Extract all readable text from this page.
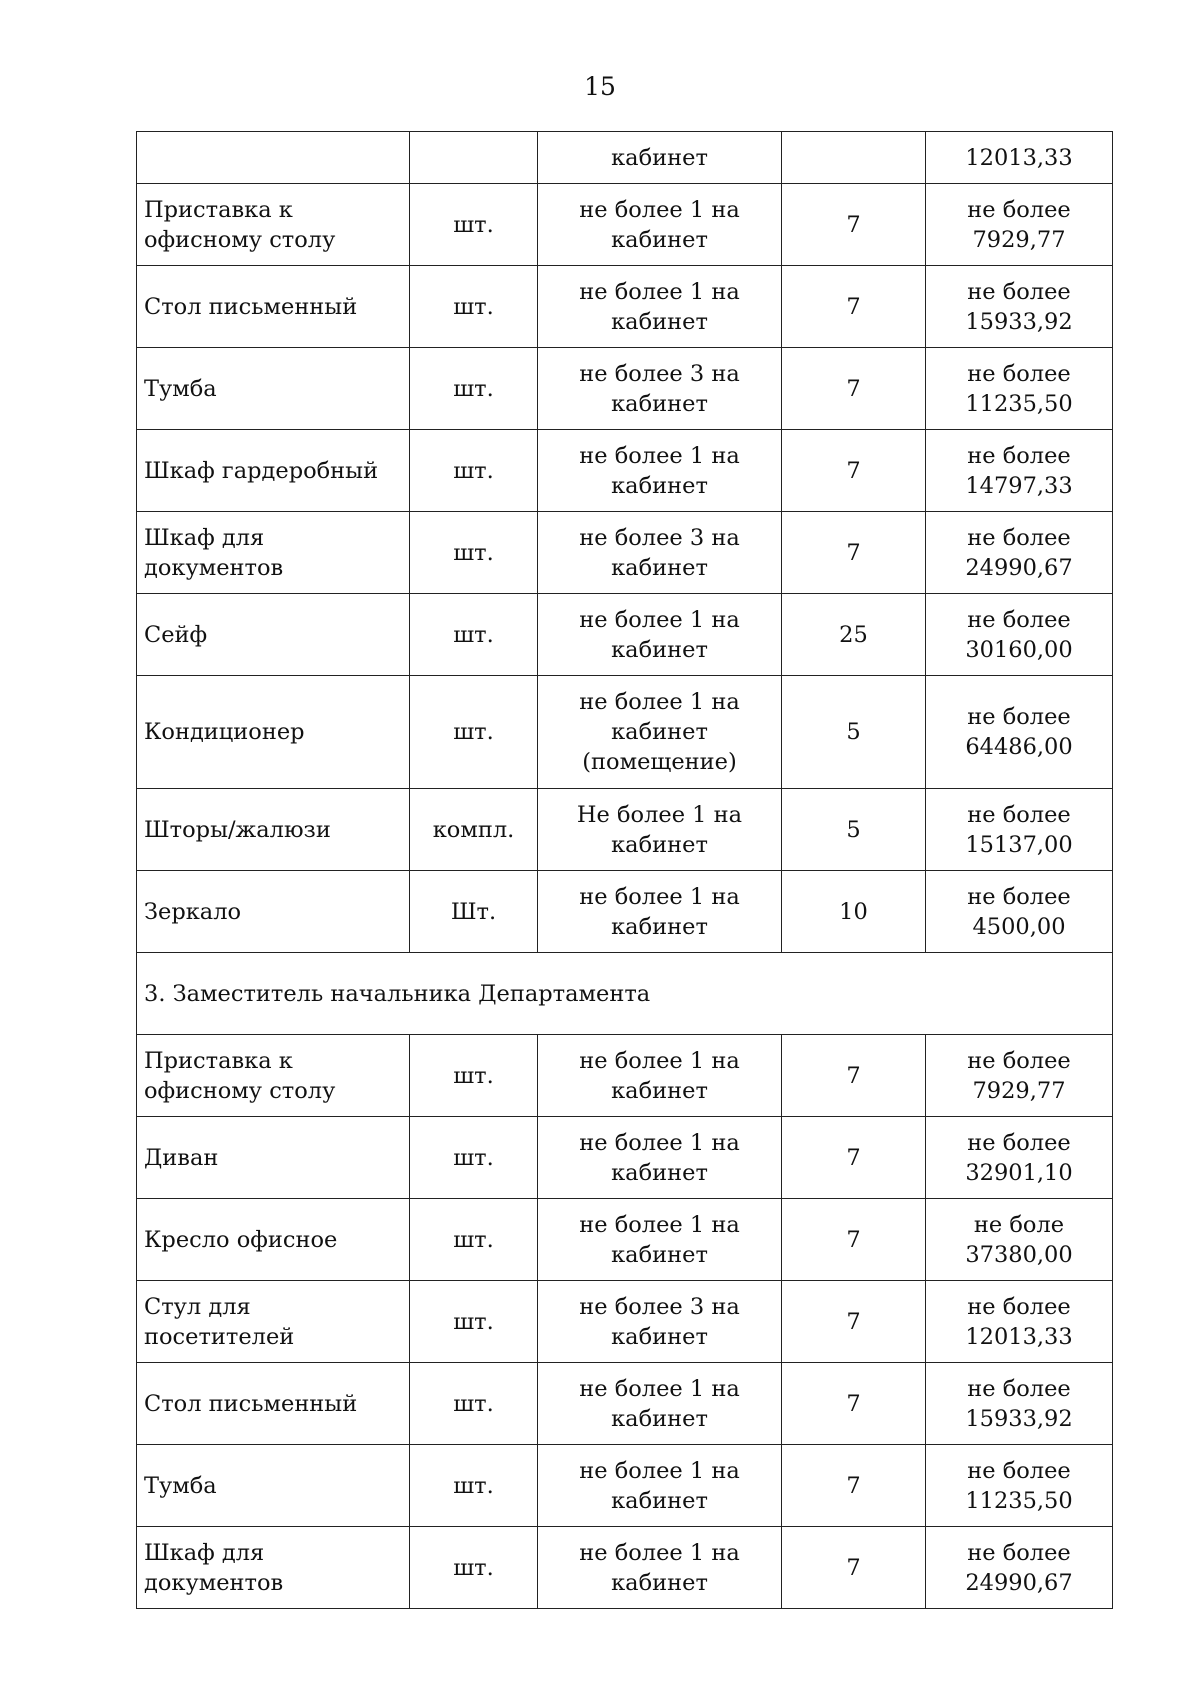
15
		кабинет		12013,33
Приставка к офисному столу	шт.	не более 1 на кабинет	7	не более 7929,77
Стол письменный	шт.	не более 1 на кабинет	7	не более 15933,92
Тумба	шт.	не более 3 на кабинет	7	не более 11235,50
Шкаф гардеробный	шт.	не более 1 на кабинет	7	не более 14797,33
Шкаф для документов	шт.	не более 3 на кабинет	7	не более 24990,67
Сейф	шт.	не более 1 на кабинет	25	не более 30160,00
Кондиционер	шт.	не более 1 на кабинет (помещение)	5	не более 64486,00
Шторы/жалюзи	компл.	Не более 1 на кабинет	5	не более 15137,00
Зеркало	Шт.	не более 1 на кабинет	10	не более 4500,00
3. Заместитель начальника Департамента				
Приставка к офисному столу	шт.	не более 1 на кабинет	7	не более 7929,77
Диван	шт.	не более 1 на кабинет	7	не более 32901,10
Кресло офисное	шт.	не более 1 на кабинет	7	не боле 37380,00
Стул для посетителей	шт.	не более 3 на кабинет	7	не более 12013,33
Стол письменный	шт.	не более 1 на кабинет	7	не более 15933,92
Тумба	шт.	не более 1 на кабинет	7	не более 11235,50
Шкаф для документов	шт.	не более 1 на кабинет	7	не более 24990,67
